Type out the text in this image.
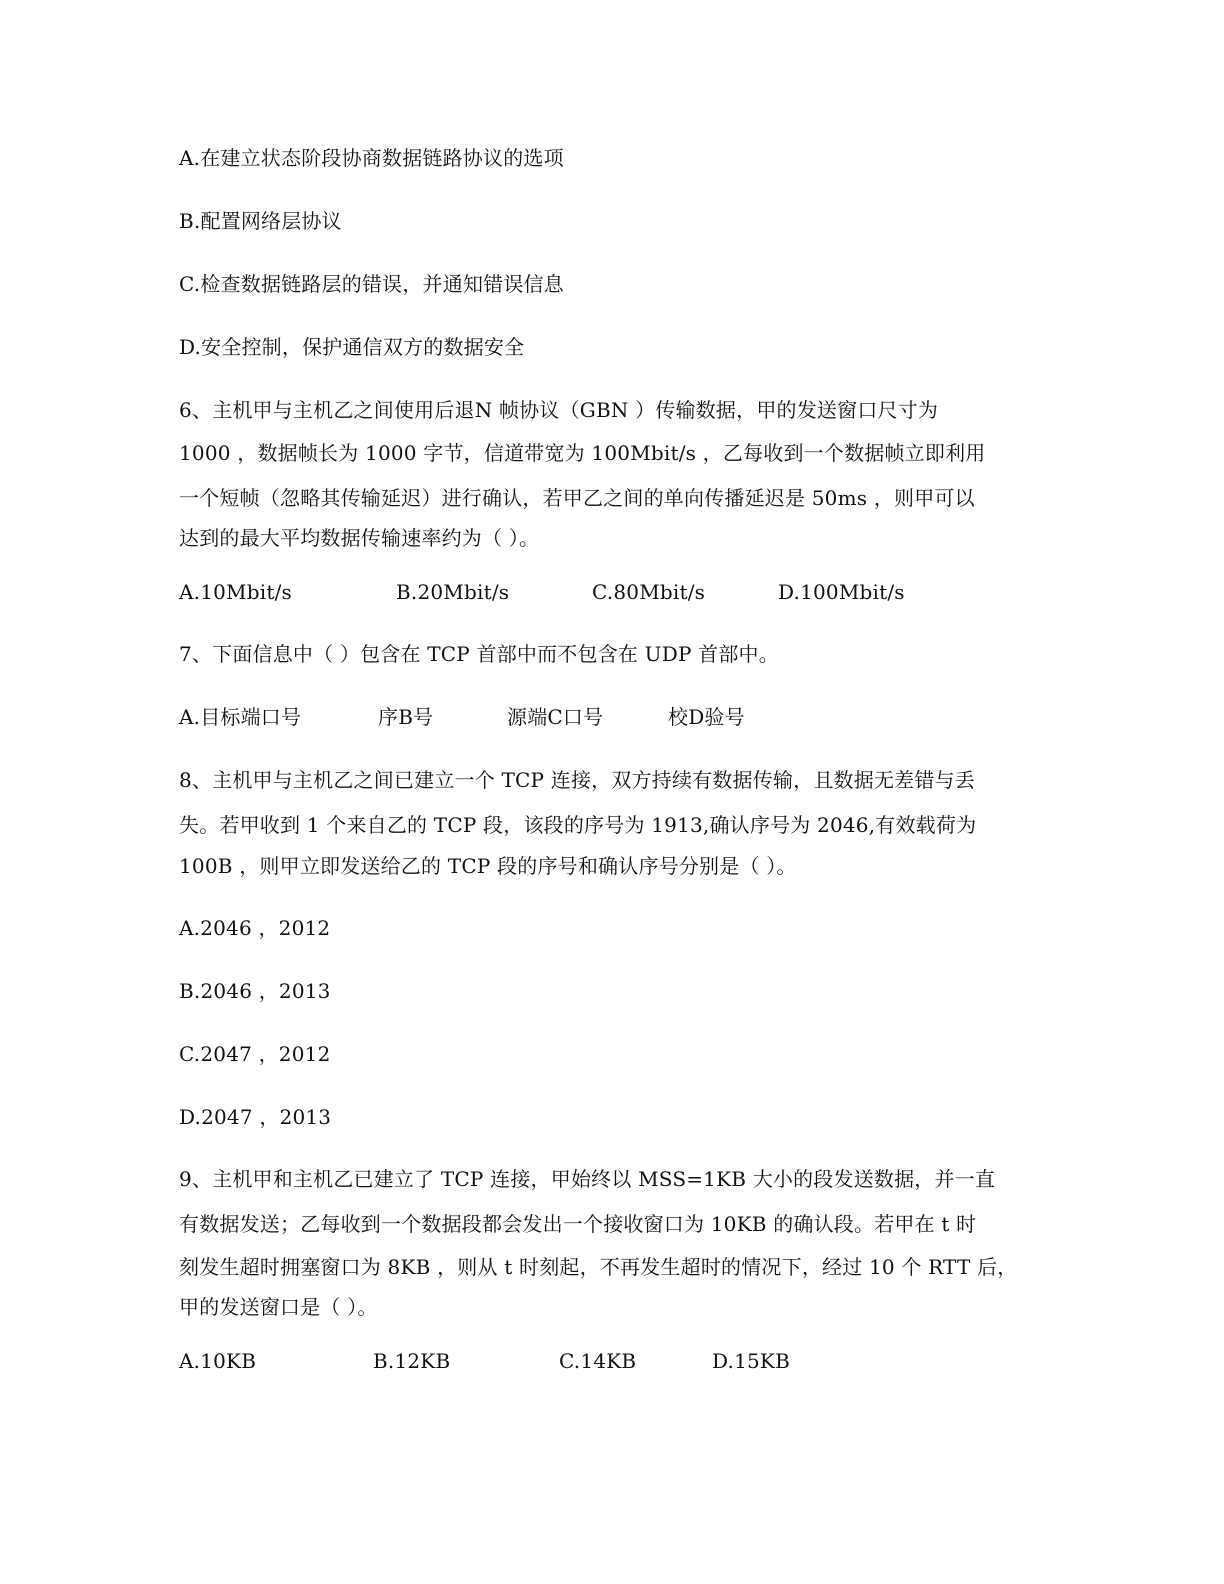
A.在建立状态阶段协商数据链路协议的选项
B.配置网络层协议
C.检查数据链路层的错误，并通知错误信息
D.安全控制，保护通信双方的数据安全
6、主机甲与主机乙之间使用后退N 帧协议（GBN ）传输数据，甲的发送窗口尺寸为
1000 ，数据帧长为 1000 字节，信道带宽为 100Mbit/s ，乙每收到一个数据帧立即利用
一个短帧（忽略其传输延迟）进行确认，若甲乙之间的单向传播延迟是 50ms ，则甲可以
达到的最大平均数据传输速率约为（ ）。
A.10Mbit/s	B.20Mbit/s	C.80Mbit/s	D.100Mbit/s
7、下面信息中（ ）包含在 TCP 首部中而不包含在 UDP 首部中。
A.目标端口号	序B号	源端C口号	校D验号
8、主机甲与主机乙之间已建立一个 TCP 连接，双方持续有数据传输，且数据无差错与丢
失。若甲收到 1 个来自乙的 TCP 段，该段的序号为 1913,确认序号为 2046,有效载荷为
100B ，则甲立即发送给乙的 TCP 段的序号和确认序号分别是（ ）。
A.2046 ，2012
B.2046 ，2013
C.2047 ，2012
D.2047 ，2013
9、主机甲和主机乙已建立了 TCP 连接，甲始终以 MSS=1KB 大小的段发送数据，并一直
有数据发送；乙每收到一个数据段都会发出一个接收窗口为 10KB 的确认段。若甲在 t 时
刻发生超时拥塞窗口为 8KB ，则从 t 时刻起，不再发生超时的情况下，经过 10 个 RTT 后，
甲的发送窗口是（ ）。
A.10KB	B.12KB	C.14KB	D.15KB
